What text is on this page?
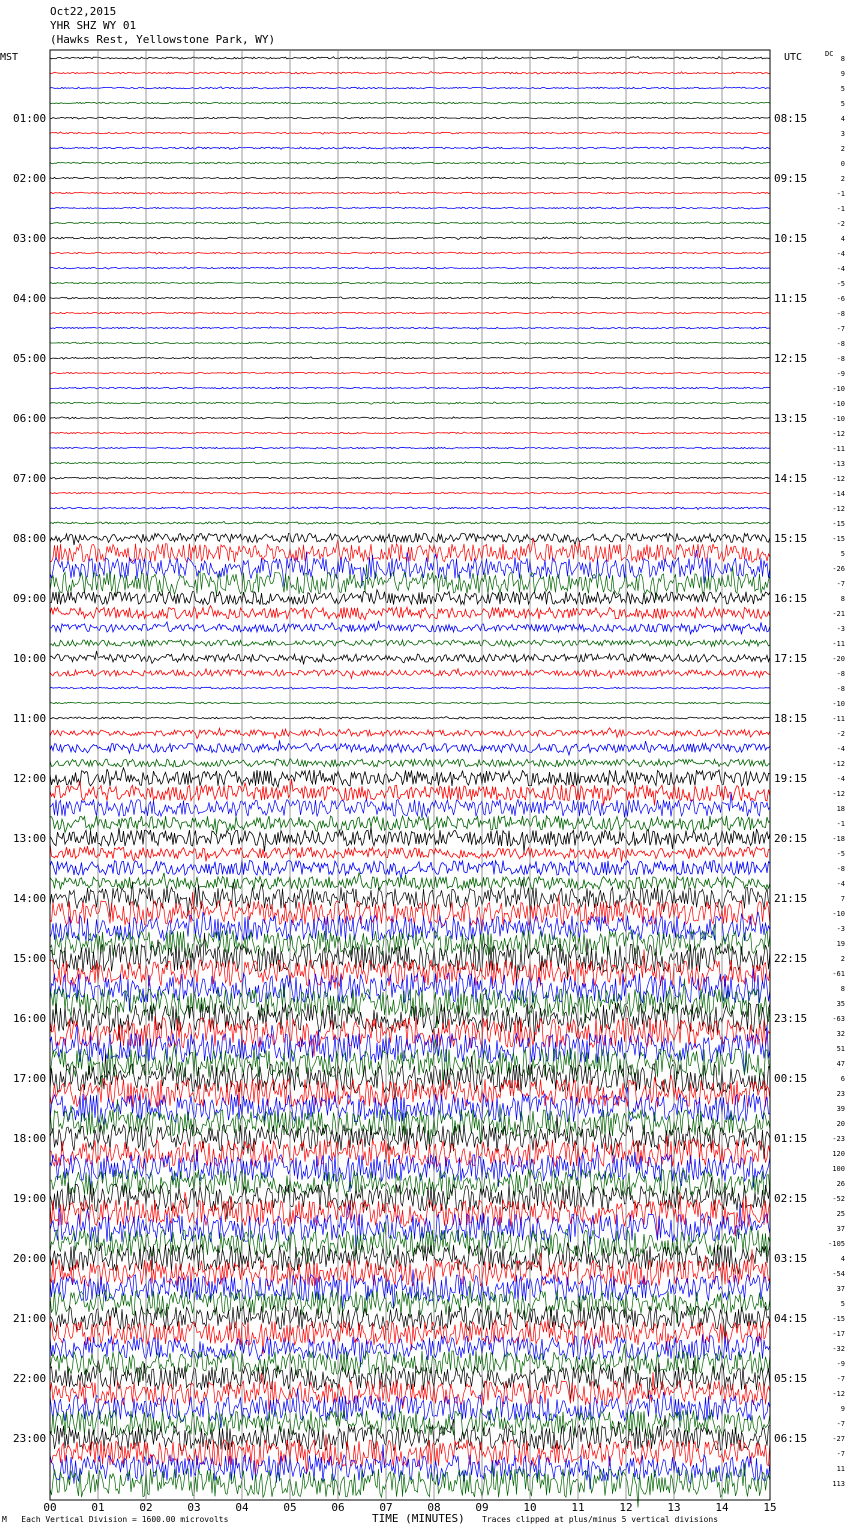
Oct22,2015
YHR SHZ WY 01
(Hawks Rest, Yellowstone Park, WY)
MST	UTC	DC
01:00
02:00
03:00
04:00
05:00
06:00
07:00
08:00
09:00
10:00
11:00
12:00
13:00
14:00
15:00
16:00
17:00
18:00
19:00
20:00
21:00
22:00
23:00
08:15
09:15
10:15
11:15
12:15
13:15
14:15
15:15
16:15
17:15
18:15
19:15
20:15
21:15
22:15
23:15
00:15
01:15
02:15
03:15
04:15
05:15
06:15
8
9
5
5
4
3
2
0
2
-1
-1
-2
4
-4
-4
-5
-6
-8
-7
-8
-8
-9
-10
-10
-10
-12
-11
-13
-12
-14
-12
-15
-15
5
-26
-7
8
-21
-3
-11
-20
-8
-8
-10
-11
-2
-4
-12
-4
-12
18
-1
-18
-5
-8
-4
7
-10
-3
19
2
-61
8
35
-63
32
51
47
6
23
39
20
-23
120
100
26
-52
25
37
-105
4
-54
37
5
-15
-17
-32
-9
-7
-12
9
-7
-27
-7
11
113
00	01	02	03	04	05	06	07	08	09	10	11	12	13	14	15
M Each Vertical Division = 1600.00 microvolts	TIME (MINUTES) Traces clipped at plus/minus 5 vertical divisions
